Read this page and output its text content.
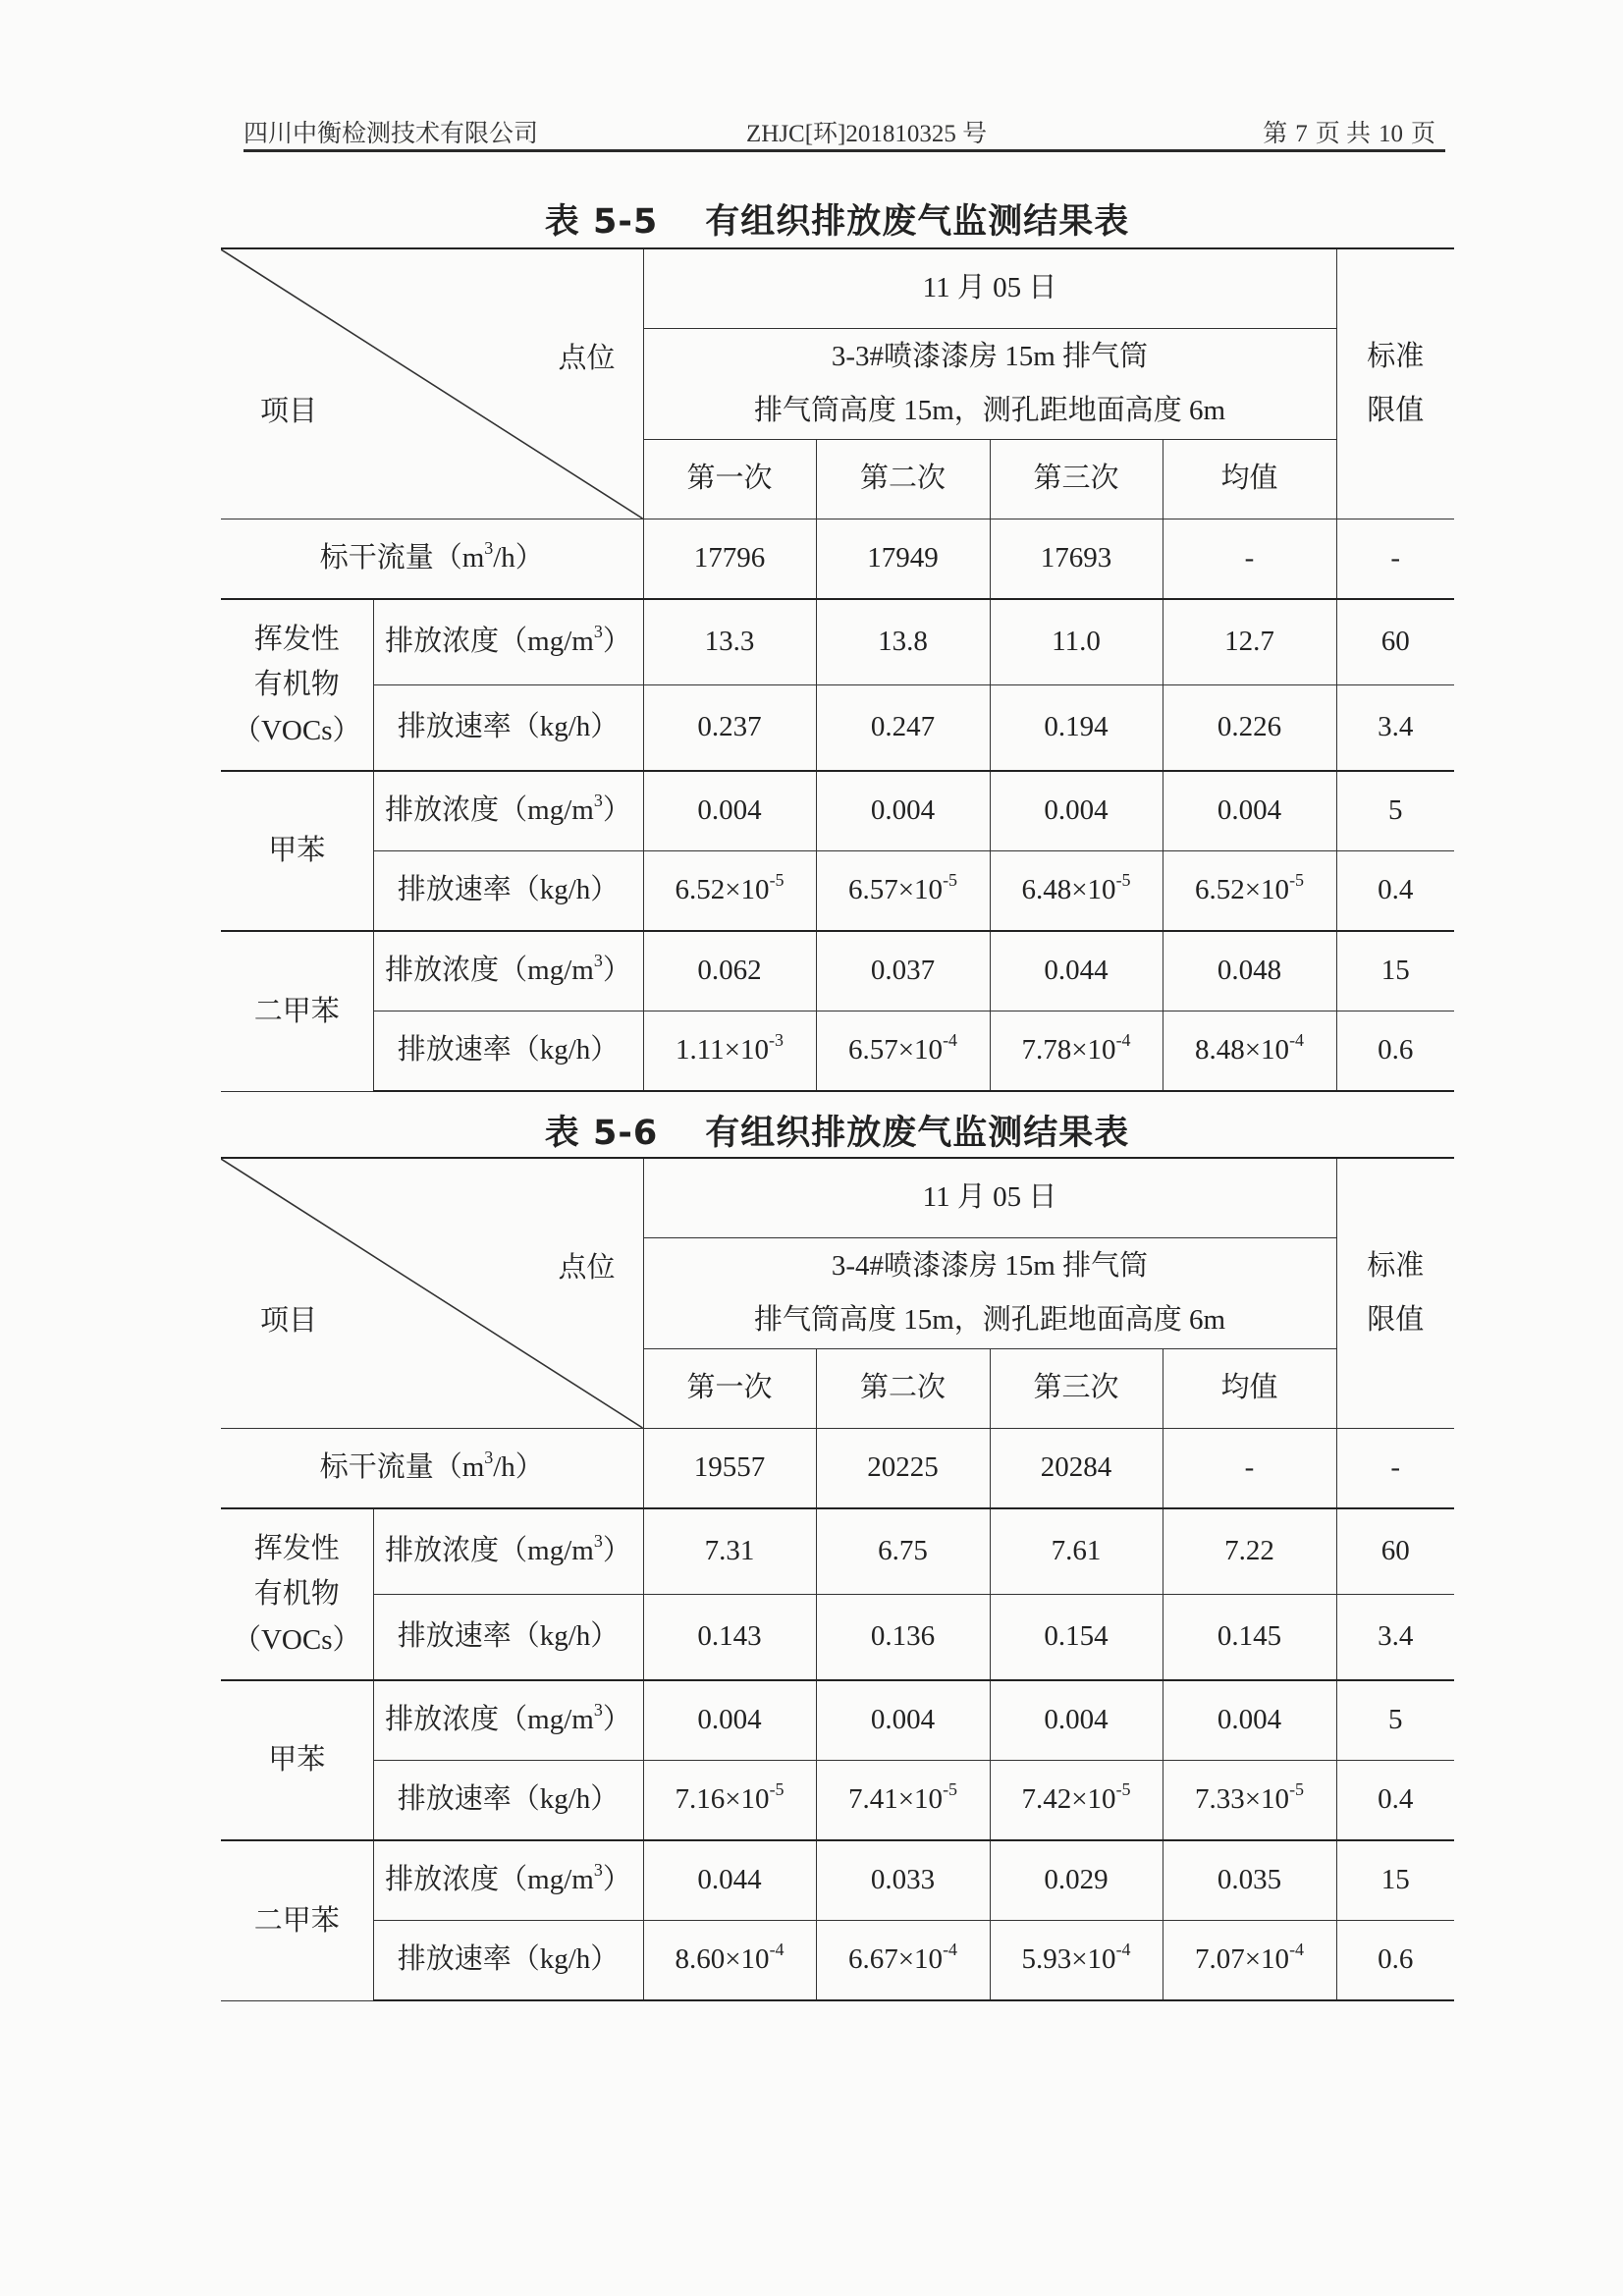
四川中衡检测技术有限公司	ZHJC[环]201810325 号	第 7 页 共 10 页
表 5-5 有组织排放废气监测结果表
表 5-6 有组织排放废气监测结果表
点位
项目		11 月 05 日				标准
限值
		3-3#喷漆漆房 15m 排气筒
排气筒高度 15m，测孔距地面高度 6m				
		第一次	第二次	第三次	均值	
标干流量$(m^3/h)$		17796	17949	17693	-	-
挥发性
有机物
（VOCs）	排放浓度$(mg/m^3)$	13.3	13.8	11.0	12.7	60
	排放速率（kg/h）	0.237	0.247	0.194	0.226	3.4
甲苯	排放浓度$(mg/m^3)$	0.004	0.004	0.004	0.004	5
	排放速率（kg/h）	$6.52\times 10^{-5}$	$6.57\times 10^{-5}$	$6.48\times 10^{-5}$	$6.52\times 10^{-5}$	0.4
二甲苯	排放浓度$(mg/m^3)$	0.062	0.037	0.044	0.048	15
	排放速率（kg/h）	$1.11\times 10^{-3}$	$6.57\times 10^{-4}$	$7.78\times 10^{-4}$	$8.48\times 10^{-4}$	0.6
点位
项目		11 月 05 日				标准
限值
		3-4#喷漆漆房 15m 排气筒
排气筒高度 15m，测孔距地面高度 6m				
		第一次	第二次	第三次	均值	
标干流量$(m^3/h)$		19557	20225	20284	-	-
挥发性
有机物
（VOCs）	排放浓度$(mg/m^3)$	7.31	6.75	7.61	7.22	60
	排放速率（kg/h）	0.143	0.136	0.154	0.145	3.4
甲苯	排放浓度$(mg/m^3)$	0.004	0.004	0.004	0.004	5
	排放速率（kg/h）	$7.16\times 10^{-5}$	$7.41\times 10^{-5}$	$7.42\times 10^{-5}$	$7.33\times 10^{-5}$	0.4
二甲苯	排放浓度$(mg/m^3)$	0.044	0.033	0.029	0.035	15
	排放速率（kg/h）	$8.60\times 10^{-4}$	$6.67\times 10^{-4}$	$5.93\times 10^{-4}$	$7.07\times 10^{-4}$	0.6
